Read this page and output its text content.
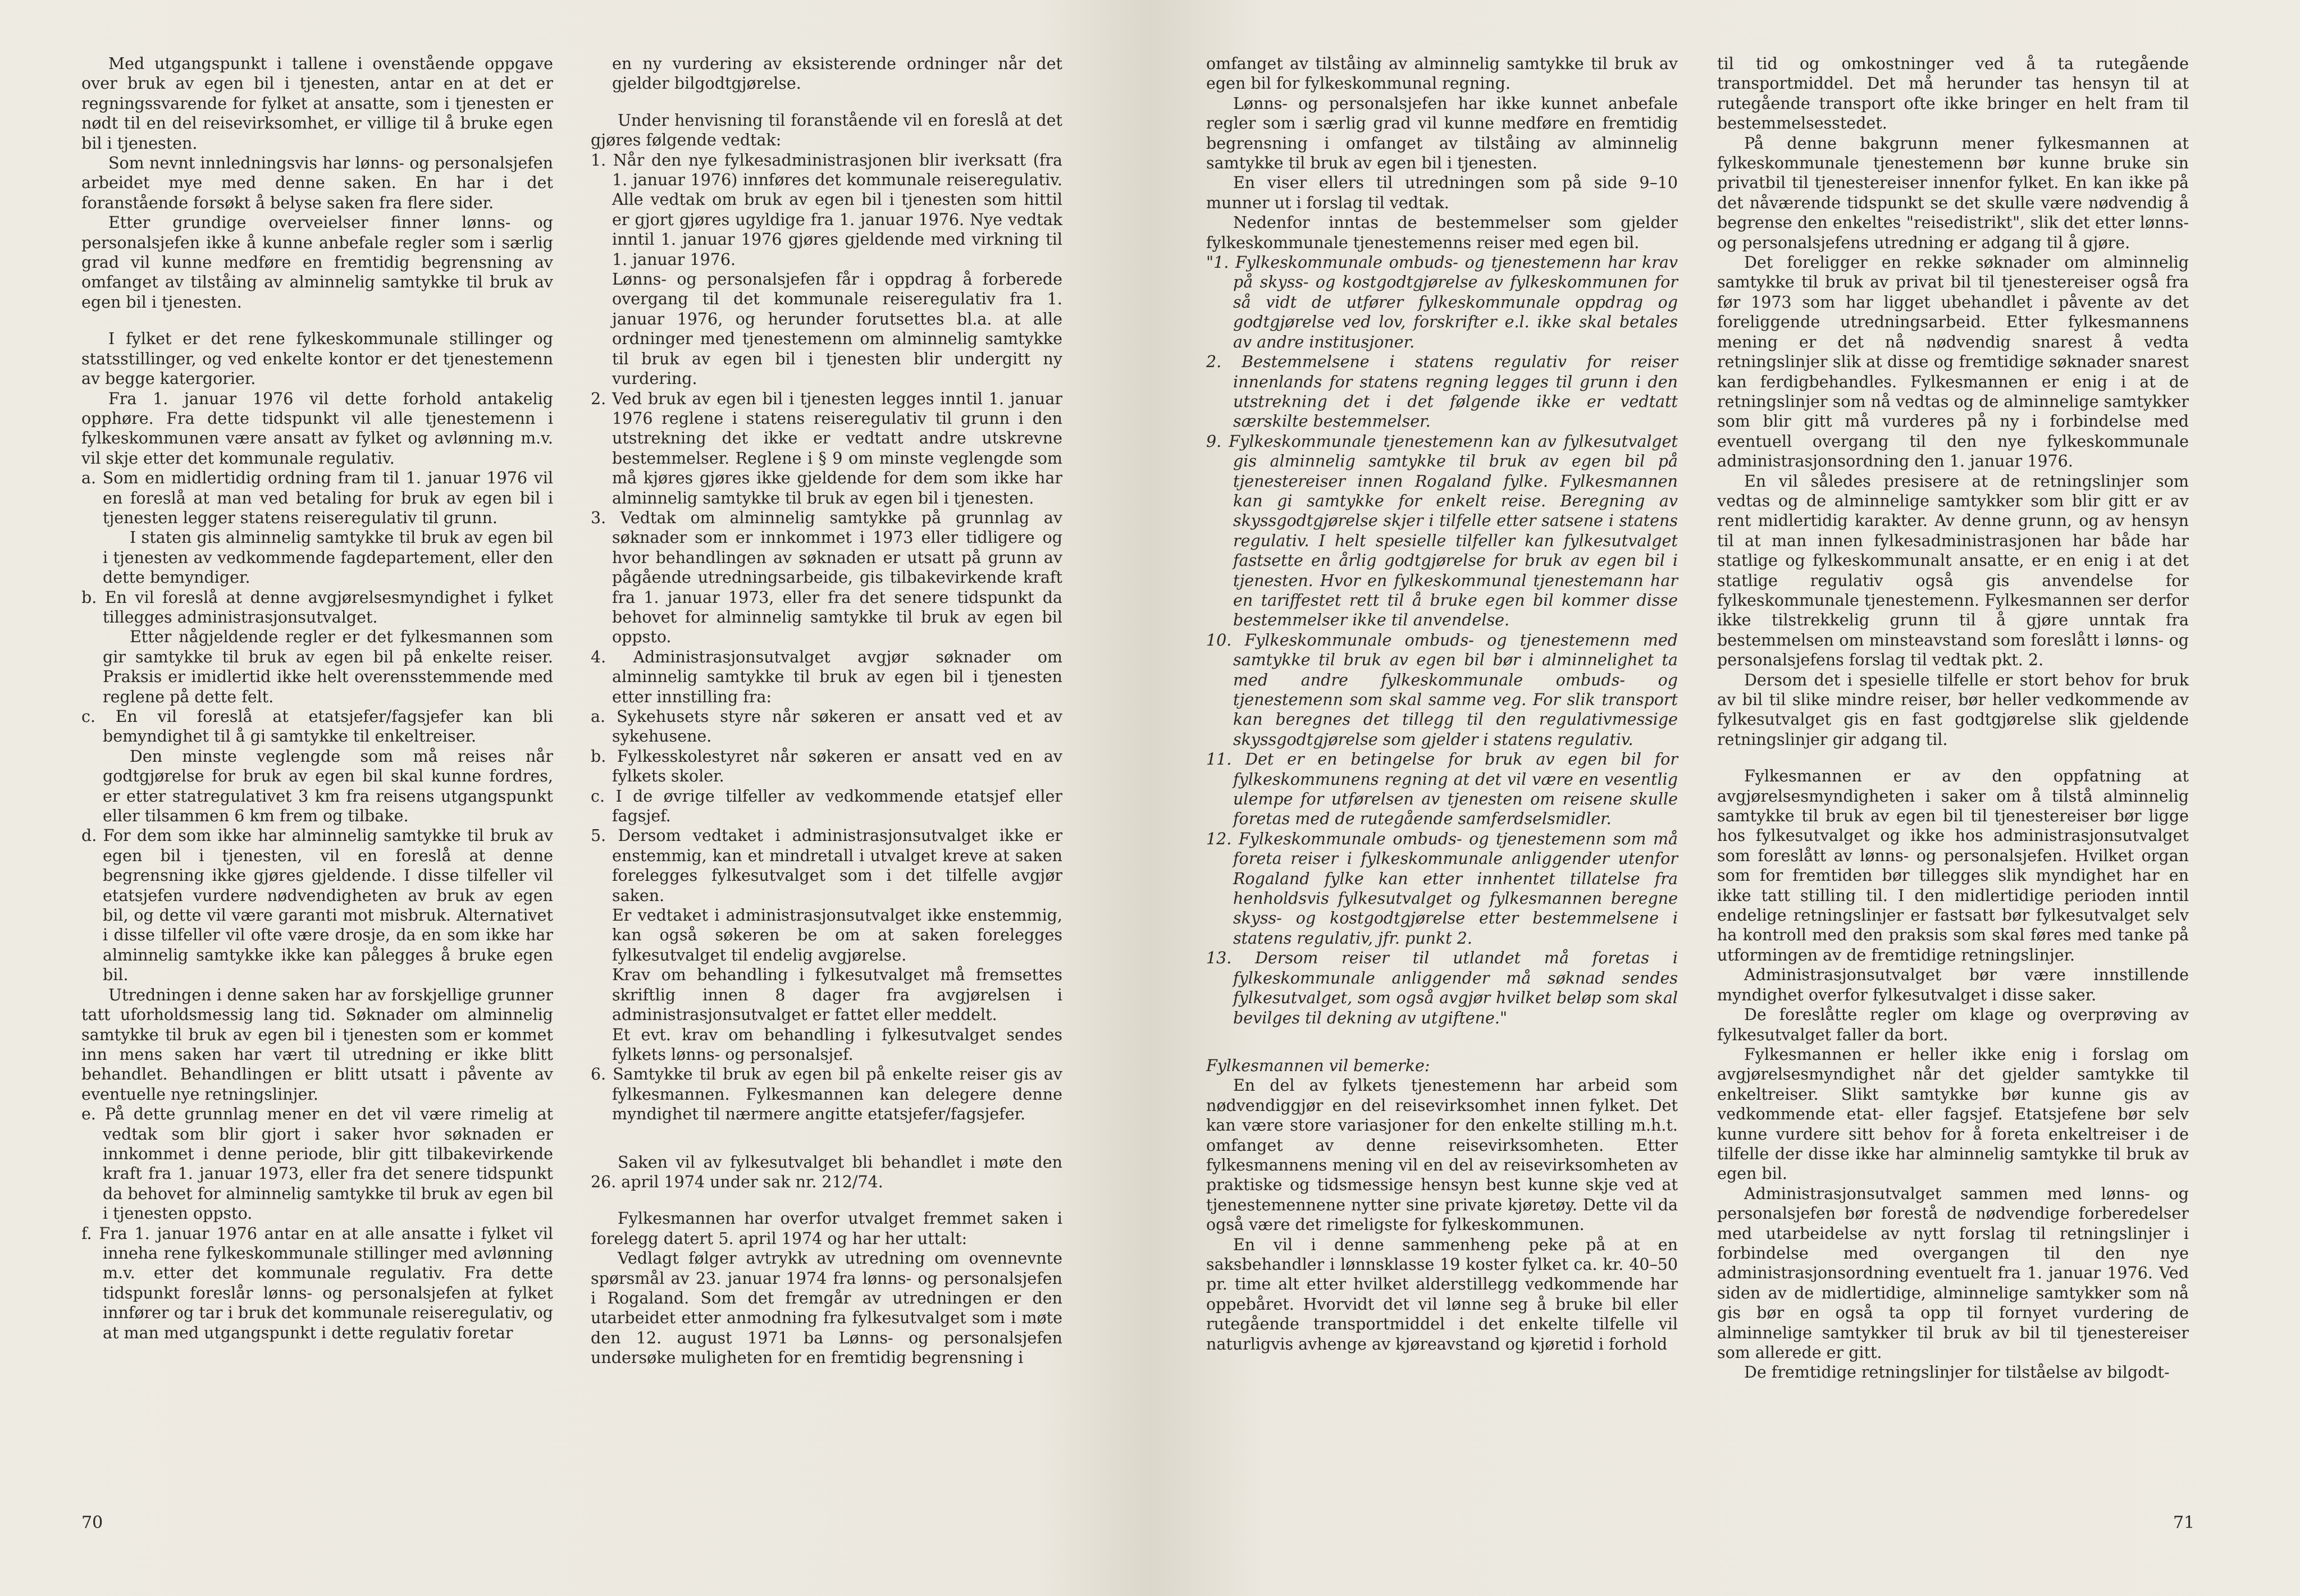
Med utgangspunkt i tallene i ovenstående oppgave over bruk av egen bil i tjenesten, antar en at det er regningssvarende for fylket at ansatte, som i tjenesten er nødt til en del reisevirksomhet, er villige til å bruke egen bil i tjenesten.

Som nevnt innledningsvis har lønns- og personalsjefen arbeidet mye med denne saken. En har i det foranstående forsøkt å belyse saken fra flere sider.

Etter grundige overveielser finner lønns- og personalsjefen ikke å kunne anbefale regler som i særlig grad vil kunne medføre en fremtidig begrensning av omfanget av tilståing av alminnelig samtykke til bruk av egen bil i tjenesten.

I fylket er det rene fylkeskommunale stillinger og statsstillinger, og ved enkelte kontor er det tjenestemenn av begge katergorier.

Fra 1. januar 1976 vil dette forhold antakelig opphøre. Fra dette tidspunkt vil alle tjenestemenn i fylkeskommunen være ansatt av fylket og avlønning m.v. vil skje etter det kommunale regulativ.

a. Som en midlertidig ordning fram til 1. januar 1976 vil en foreslå at man ved betaling for bruk av egen bil i tjenesten legger statens reiseregulativ til grunn.

I staten gis alminnelig samtykke til bruk av egen bil i tjenesten av vedkommende fagdepartement, eller den dette bemyndiger.

b. En vil foreslå at denne avgjørelsesmyndighet i fylket tillegges administrasjonsutvalget.

Etter någjeldende regler er det fylkesmannen som gir samtykke til bruk av egen bil på enkelte reiser. Praksis er imidlertid ikke helt overensstemmende med reglene på dette felt.

c. En vil foreslå at etatsjefer/fagsjefer kan bli bemyndighet til å gi samtykke til enkeltreiser.

Den minste veglengde som må reises når godtgjørelse for bruk av egen bil skal kunne fordres, er etter statregulativet 3 km fra reisens utgangspunkt eller tilsammen 6 km frem og tilbake.

d. For dem som ikke har alminnelig samtykke til bruk av egen bil i tjenesten, vil en foreslå at denne begrensning ikke gjøres gjeldende. I disse tilfeller vil etatsjefen vurdere nødvendigheten av bruk av egen bil, og dette vil være garanti mot misbruk. Alternativet i disse tilfeller vil ofte være drosje, da en som ikke har alminnelig samtykke ikke kan pålegges å bruke egen bil.

Utredningen i denne saken har av forskjellige grunner tatt uforholdsmessig lang tid. Søknader om alminnelig samtykke til bruk av egen bil i tjenesten som er kommet inn mens saken har vært til utredning er ikke blitt behandlet. Behandlingen er blitt utsatt i påvente av eventuelle nye retningslinjer.

e. På dette grunnlag mener en det vil være rimelig at vedtak som blir gjort i saker hvor søknaden er innkommet i denne periode, blir gitt tilbakevirkende kraft fra 1. januar 1973, eller fra det senere tidspunkt da behovet for alminnelig samtykke til bruk av egen bil i tjenesten oppsto.

f. Fra 1. januar 1976 antar en at alle ansatte i fylket vil inneha rene fylkeskommunale stillinger med avlønning m.v. etter det kommunale regulativ. Fra dette tidspunkt foreslår lønns- og personalsjefen at fylket innfører og tar i bruk det kommunale reiseregulativ, og at man med utgangspunkt i dette regulativ foretar

en ny vurdering av eksisterende ordninger når det gjelder bilgodtgjørelse.

Under henvisning til foranstående vil en foreslå at det gjøres følgende vedtak:

1. Når den nye fylkesadministrasjonen blir iverksatt (fra 1. januar 1976) innføres det kommunale reiseregulativ. Alle vedtak om bruk av egen bil i tjenesten som hittil er gjort gjøres ugyldige fra 1. januar 1976. Nye vedtak inntil 1. januar 1976 gjøres gjeldende med virkning til 1. januar 1976.

Lønns- og personalsjefen får i oppdrag å forberede overgang til det kommunale reiseregulativ fra 1. januar 1976, og herunder forutsettes bl.a. at alle ordninger med tjenestemenn om alminnelig samtykke til bruk av egen bil i tjenesten blir undergitt ny vurdering.

2. Ved bruk av egen bil i tjenesten legges inntil 1. januar 1976 reglene i statens reiseregulativ til grunn i den utstrekning det ikke er vedtatt andre utskrevne bestemmelser. Reglene i § 9 om minste veglengde som må kjøres gjøres ikke gjeldende for dem som ikke har alminnelig samtykke til bruk av egen bil i tjenesten.

3. Vedtak om alminnelig samtykke på grunnlag av søknader som er innkommet i 1973 eller tidligere og hvor behandlingen av søknaden er utsatt på grunn av pågående utredningsarbeide, gis tilbakevirkende kraft fra 1. januar 1973, eller fra det senere tidspunkt da behovet for alminnelig samtykke til bruk av egen bil oppsto.

4. Administrasjonsutvalget avgjør søknader om alminnelig samtykke til bruk av egen bil i tjenesten etter innstilling fra:

a. Sykehusets styre når søkeren er ansatt ved et av sykehusene.

b. Fylkesskolestyret når søkeren er ansatt ved en av fylkets skoler.

c. I de øvrige tilfeller av vedkommende etatsjef eller fagsjef.

5. Dersom vedtaket i administrasjonsutvalget ikke er enstemmig, kan et mindretall i utvalget kreve at saken forelegges fylkesutvalget som i det tilfelle avgjør saken.

Er vedtaket i administrasjonsutvalget ikke enstemmig, kan også søkeren be om at saken forelegges fylkesutvalget til endelig avgjørelse.

Krav om behandling i fylkesutvalget må fremsettes skriftlig innen 8 dager fra avgjørelsen i administrasjonsutvalget er fattet eller meddelt.

Et evt. krav om behandling i fylkesutvalget sendes fylkets lønns- og personalsjef.

6. Samtykke til bruk av egen bil på enkelte reiser gis av fylkesmannen. Fylkesmannen kan delegere denne myndighet til nærmere angitte etatsjefer/fagsjefer.

Saken vil av fylkesutvalget bli behandlet i møte den 26. april 1974 under sak nr. 212/74.

Fylkesmannen har overfor utvalget fremmet saken i forelegg datert 5. april 1974 og har her uttalt:

Vedlagt følger avtrykk av utredning om ovennevnte spørsmål av 23. januar 1974 fra lønns- og personalsjefen i Rogaland. Som det fremgår av utredningen er den utarbeidet etter anmodning fra fylkesutvalget som i møte den 12. august 1971 ba Lønns- og personalsjefen undersøke muligheten for en fremtidig begrensning i

70

omfanget av tilståing av alminnelig samtykke til bruk av egen bil for fylkeskommunal regning.

Lønns- og personalsjefen har ikke kunnet anbefale regler som i særlig grad vil kunne medføre en fremtidig begrensning i omfanget av tilståing av alminnelig samtykke til bruk av egen bil i tjenesten.

En viser ellers til utredningen som på side 9–10 munner ut i forslag til vedtak.

Nedenfor inntas de bestemmelser som gjelder fylkeskommunale tjenestemenns reiser med egen bil.

"1. Fylkeskommunale ombuds- og tjenestemenn har krav på skyss- og kostgodtgjørelse av fylkeskommunen for så vidt de utfører fylkeskommunale oppdrag og godtgjørelse ved lov, forskrifter e.l. ikke skal betales av andre institusjoner.

2. Bestemmelsene i statens regulativ for reiser innenlands for statens regning legges til grunn i den utstrekning det i det følgende ikke er vedtatt særskilte bestemmelser.

9. Fylkeskommunale tjenestemenn kan av fylkesutvalget gis alminnelig samtykke til bruk av egen bil på tjenestereiser innen Rogaland fylke. Fylkesmannen kan gi samtykke for enkelt reise. Beregning av skyssgodtgjørelse skjer i tilfelle etter satsene i statens regulativ. I helt spesielle tilfeller kan fylkesutvalget fastsette en årlig godtgjørelse for bruk av egen bil i tjenesten. Hvor en fylkeskommunal tjenestemann har en tariffestet rett til å bruke egen bil kommer disse bestemmelser ikke til anvendelse.

10. Fylkeskommunale ombuds- og tjenestemenn med samtykke til bruk av egen bil bør i alminnelighet ta med andre fylkeskommunale ombuds- og tjenestemenn som skal samme veg. For slik transport kan beregnes det tillegg til den regulativmessige skyssgodtgjørelse som gjelder i statens regulativ.

11. Det er en betingelse for bruk av egen bil for fylkeskommunens regning at det vil være en vesentlig ulempe for utførelsen av tjenesten om reisene skulle foretas med de rutegående samferdselsmidler.

12. Fylkeskommunale ombuds- og tjenestemenn som må foreta reiser i fylkeskommunale anliggender utenfor Rogaland fylke kan etter innhentet tillatelse fra henholdsvis fylkesutvalget og fylkesmannen beregne skyss- og kostgodtgjørelse etter bestemmelsene i statens regulativ, jfr. punkt 2.

13. Dersom reiser til utlandet må foretas i fylkeskommunale anliggender må søknad sendes fylkesutvalget, som også avgjør hvilket beløp som skal bevilges til dekning av utgiftene."

Fylkesmannen vil bemerke:

En del av fylkets tjenestemenn har arbeid som nødvendiggjør en del reisevirksomhet innen fylket. Det kan være store variasjoner for den enkelte stilling m.h.t. omfanget av denne reisevirksomheten. Etter fylkesmannens mening vil en del av reisevirksomheten av praktiske og tidsmessige hensyn best kunne skje ved at tjenestemennene nytter sine private kjøretøy. Dette vil da også være det rimeligste for fylkeskommunen.

En vil i denne sammenheng peke på at en saksbehandler i lønnsklasse 19 koster fylket ca. kr. 40–50 pr. time alt etter hvilket alderstillegg vedkommende har oppebåret. Hvorvidt det vil lønne seg å bruke bil eller rutegående transportmiddel i det enkelte tilfelle vil naturligvis avhenge av kjøreavstand og kjøretid i forhold

til tid og omkostninger ved å ta rutegående transportmiddel. Det må herunder tas hensyn til at rutegående transport ofte ikke bringer en helt fram til bestemmelsesstedet.

På denne bakgrunn mener fylkesmannen at fylkeskommunale tjenestemenn bør kunne bruke sin privatbil til tjenestereiser innenfor fylket. En kan ikke på det nåværende tidspunkt se det skulle være nødvendig å begrense den enkeltes "reisedistrikt", slik det etter lønns- og personalsjefens utredning er adgang til å gjøre.

Det foreligger en rekke søknader om alminnelig samtykke til bruk av privat bil til tjenestereiser også fra før 1973 som har ligget ubehandlet i påvente av det foreliggende utredningsarbeid. Etter fylkesmannens mening er det nå nødvendig snarest å vedta retningslinjer slik at disse og fremtidige søknader snarest kan ferdigbehandles. Fylkesmannen er enig i at de retningslinjer som nå vedtas og de alminnelige samtykker som blir gitt må vurderes på ny i forbindelse med eventuell overgang til den nye fylkeskommunale administrasjonsordning den 1. januar 1976.

En vil således presisere at de retningslinjer som vedtas og de alminnelige samtykker som blir gitt er av rent midlertidig karakter. Av denne grunn, og av hensyn til at man innen fylkesadministrasjonen har både har statlige og fylkeskommunalt ansatte, er en enig i at det statlige regulativ også gis anvendelse for fylkeskommunale tjenestemenn. Fylkesmannen ser derfor ikke tilstrekkelig grunn til å gjøre unntak fra bestemmelsen om minsteavstand som foreslått i lønns- og personalsjefens forslag til vedtak pkt. 2.

Dersom det i spesielle tilfelle er stort behov for bruk av bil til slike mindre reiser, bør heller vedkommende av fylkesutvalget gis en fast godtgjørelse slik gjeldende retningslinjer gir adgang til.

Fylkesmannen er av den oppfatning at avgjørelsesmyndigheten i saker om å tilstå alminnelig samtykke til bruk av egen bil til tjenestereiser bør ligge hos fylkesutvalget og ikke hos administrasjonsutvalget som foreslått av lønns- og personalsjefen. Hvilket organ som for fremtiden bør tillegges slik myndighet har en ikke tatt stilling til. I den midlertidige perioden inntil endelige retningslinjer er fastsatt bør fylkesutvalget selv ha kontroll med den praksis som skal føres med tanke på utformingen av de fremtidige retningslinjer.

Administrasjonsutvalget bør være innstillende myndighet overfor fylkesutvalget i disse saker.

De foreslåtte regler om klage og overprøving av fylkesutvalget faller da bort.

Fylkesmannen er heller ikke enig i forslag om avgjørelsesmyndighet når det gjelder samtykke til enkeltreiser. Slikt samtykke bør kunne gis av vedkommende etat- eller fagsjef. Etatsjefene bør selv kunne vurdere sitt behov for å foreta enkeltreiser i de tilfelle der disse ikke har alminnelig samtykke til bruk av egen bil.

Administrasjonsutvalget sammen med lønns- og personalsjefen bør forestå de nødvendige forberedelser med utarbeidelse av nytt forslag til retningslinjer i forbindelse med overgangen til den nye administrasjonsordning eventuelt fra 1. januar 1976. Ved siden av de midlertidige, alminnelige samtykker som nå gis bør en også ta opp til fornyet vurdering de alminnelige samtykker til bruk av bil til tjenestereiser som allerede er gitt.

De fremtidige retningslinjer for tilståelse av bilgodt-

71
